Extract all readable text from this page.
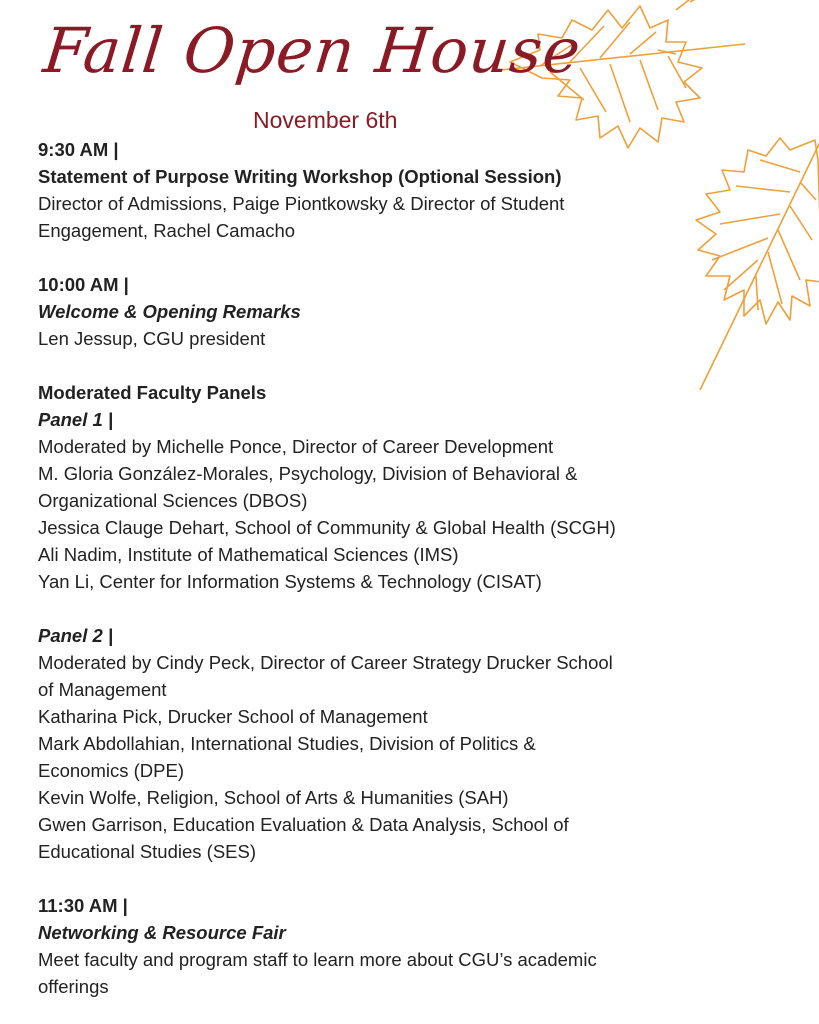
Fall Open House
November 6th
9:30 AM |
Statement of Purpose Writing Workshop (Optional Session)
Director of Admissions, Paige Piontkowsky & Director of Student
Engagement, Rachel Camacho
10:00 AM |
Welcome & Opening Remarks
Len Jessup, CGU president
Moderated Faculty Panels
Panel 1 |
Moderated by Michelle Ponce, Director of Career Development
M. Gloria González-Morales, Psychology, Division of Behavioral &
Organizational Sciences (DBOS)
Jessica Clauge Dehart, School of Community & Global Health (SCGH)
Ali Nadim, Institute of Mathematical Sciences (IMS)
Yan Li, Center for Information Systems & Technology (CISAT)
Panel 2 |
Moderated by Cindy Peck, Director of Career Strategy Drucker School
of Management
Katharina Pick, Drucker School of Management
Mark Abdollahian, International Studies, Division of Politics &
Economics (DPE)
Kevin Wolfe, Religion, School of Arts & Humanities (SAH)
Gwen Garrison, Education Evaluation & Data Analysis, School of
Educational Studies (SES)
11:30 AM |
Networking & Resource Fair
Meet faculty and program staff to learn more about CGU’s academic
offerings
